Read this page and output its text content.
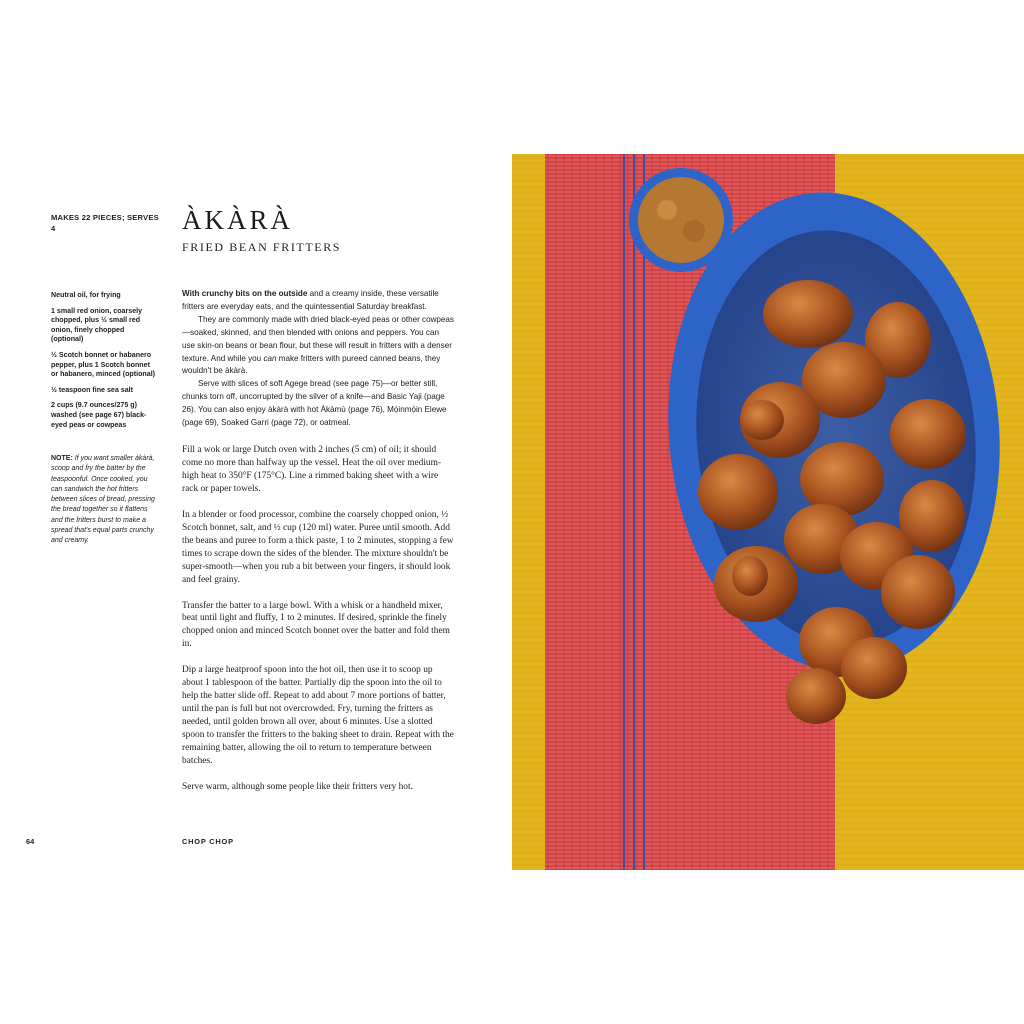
MAKES 22 PIECES; SERVES 4	ÀKÀRÀ
FRIED BEAN FRITTERS
Neutral oil, for frying
1 small red onion, coarsely chopped, plus ½ small red onion, finely chopped (optional)
½ Scotch bonnet or habanero pepper, plus 1 Scotch bonnet or habanero, minced (optional)
½ teaspoon fine sea salt
2 cups (9.7 ounces/275 g) washed (see page 67) black-eyed peas or cowpeas
NOTE: If you want smaller àkàrà, scoop and fry the batter by the teaspoonful. Once cooked, you can sandwich the hot fritters between slices of bread, pressing the bread together so it flattens and the fritters burst to make a spread that's equal parts crunchy and creamy.

With crunchy bits on the outside and a creamy inside, these versatile fritters are everyday eats, and the quintessential Saturday breakfast.

They are commonly made with dried black-eyed peas or other cowpeas—soaked, skinned, and then blended with onions and peppers. You can use skin-on beans or bean flour, but these will result in fritters with a denser texture. And while you can make fritters with pureed canned beans, they wouldn't be àkàrà.

Serve with slices of soft Agege bread (see page 75)—or better still, chunks torn off, uncorrupted by the silver of a knife—and Basic Yaji (page 26). You can also enjoy àkàrà with hot Àkàmù (page 76), Mọ́inmọ́in Elewe (page 69), Soaked Garri (page 72), or oatmeal.

Fill a wok or large Dutch oven with 2 inches (5 cm) of oil; it should come no more than halfway up the vessel. Heat the oil over medium-high heat to 350°F (175°C). Line a rimmed baking sheet with a wire rack or paper towels.

In a blender or food processor, combine the coarsely chopped onion, ½ Scotch bonnet, salt, and ½ cup (120 ml) water. Puree until smooth. Add the beans and puree to form a thick paste, 1 to 2 minutes, stopping a few times to scrape down the sides of the blender. The mixture shouldn't be super-smooth—when you rub a bit between your fingers, it should look and feel grainy.

Transfer the batter to a large bowl. With a whisk or a handheld mixer, beat until light and fluffy, 1 to 2 minutes. If desired, sprinkle the finely chopped onion and minced Scotch bonnet over the batter and fold them in.

Dip a large heatproof spoon into the hot oil, then use it to scoop up about 1 tablespoon of the batter. Partially dip the spoon into the oil to help the batter slide off. Repeat to add about 7 more portions of batter, until the pan is full but not overcrowded. Fry, turning the fritters as needed, until golden brown all over, about 6 minutes. Use a slotted spoon to transfer the fritters to the baking sheet to drain. Repeat with the remaining batter, allowing the oil to return to temperature between batches.

Serve warm, although some people like their fritters very hot.

64	CHOP CHOP
